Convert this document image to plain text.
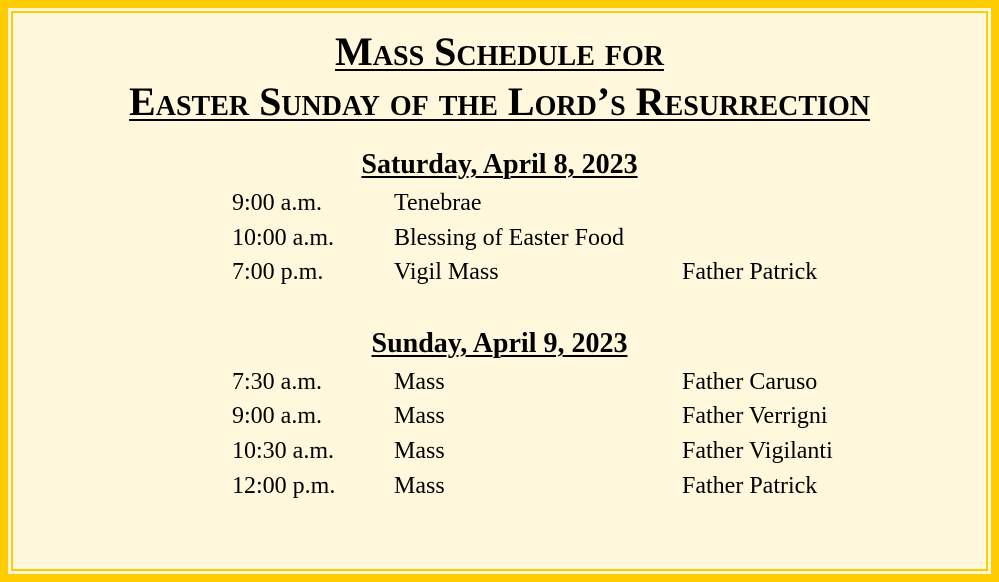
Mass Schedule for
Easter Sunday of the Lord’s Resurrection
Saturday, April 8, 2023
9:00 a.m.	Tenebrae
10:00 a.m.	Blessing of Easter Food
7:00 p.m.	Vigil Mass	Father Patrick
Sunday, April 9, 2023
7:30 a.m.	Mass	Father Caruso
9:00 a.m.	Mass	Father Verrigni
10:30 a.m.	Mass	Father Vigilanti
12:00 p.m. Mass	Father Patrick
